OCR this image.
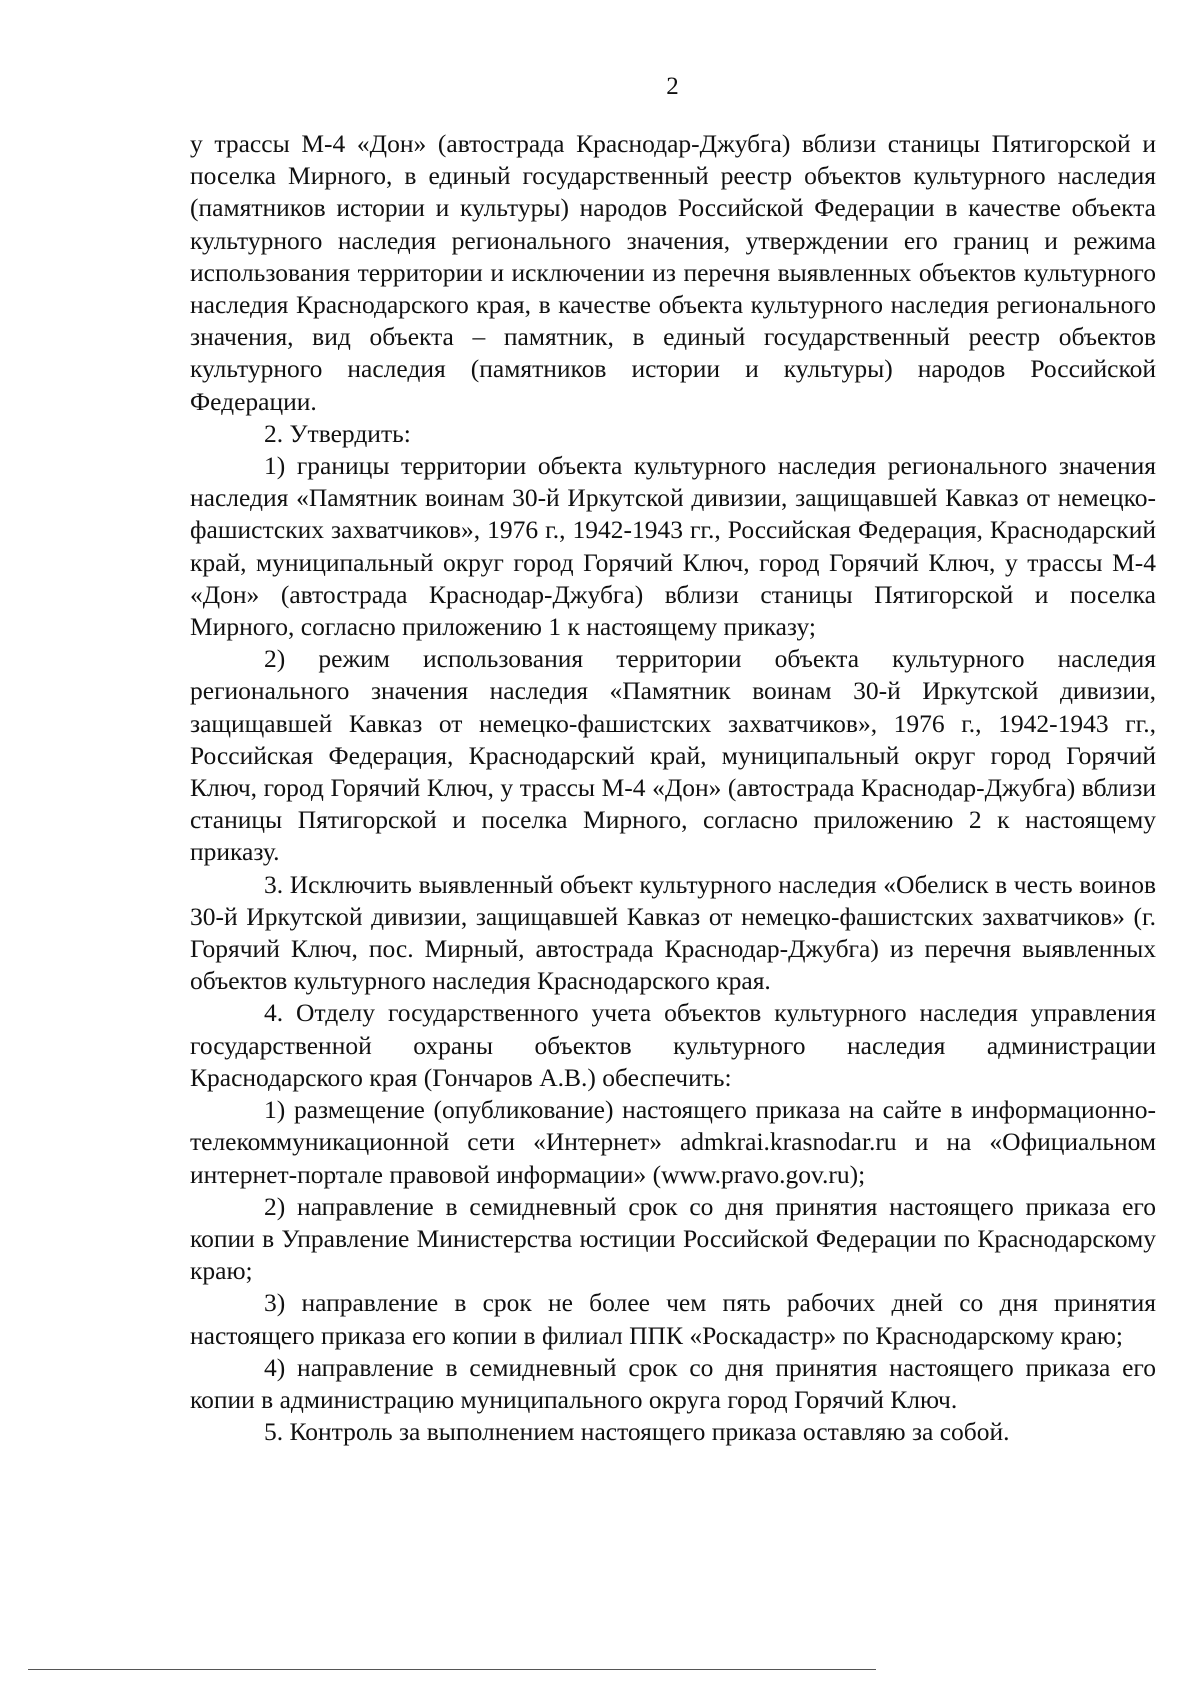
2

у трассы М-4 «Дон» (автострада Краснодар-Джубга) вблизи станицы Пятигорской и поселка Мирного, в единый государственный реестр объектов культурного наследия (памятников истории и культуры) народов Российской Федерации в качестве объекта культурного наследия регионального значения, утверждении его границ и режима использования территории и исключении из перечня выявленных объектов культурного наследия Краснодарского края, в качестве объекта культурного наследия регионального значения, вид объекта – памятник, в единый государственный реестр объектов культурного наследия (памятников истории и культуры) народов Российской Федерации.

2. Утвердить:

1) границы территории объекта культурного наследия регионального значения наследия «Памятник воинам 30-й Иркутской дивизии, защищавшей Кавказ от немецко-фашистских захватчиков», 1976 г., 1942-1943 гг., Российская Федерация, Краснодарский край, муниципальный округ город Горячий Ключ, город Горячий Ключ, у трассы М-4 «Дон» (автострада Краснодар-Джубга) вблизи станицы Пятигорской и поселка Мирного, согласно приложению 1 к настоящему приказу;

2) режим использования территории объекта культурного наследия регионального значения наследия «Памятник воинам 30-й Иркутской дивизии, защищавшей Кавказ от немецко-фашистских захватчиков», 1976 г., 1942-1943 гг., Российская Федерация, Краснодарский край, муниципальный округ город Горячий Ключ, город Горячий Ключ, у трассы М-4 «Дон» (автострада Краснодар-Джубга) вблизи станицы Пятигорской и поселка Мирного, согласно приложению 2 к настоящему приказу.

3. Исключить выявленный объект культурного наследия «Обелиск в честь воинов 30-й Иркутской дивизии, защищавшей Кавказ от немецко-фашистских захватчиков» (г. Горячий Ключ, пос. Мирный, автострада Краснодар-Джубга) из перечня выявленных объектов культурного наследия Краснодарского края.

4. Отделу государственного учета объектов культурного наследия управления государственной охраны объектов культурного наследия администрации Краснодарского края (Гончаров А.В.) обеспечить:

1) размещение (опубликование) настоящего приказа на сайте в информационно-телекоммуникационной сети «Интернет» admkrai.krasnodar.ru и на «Официальном интернет-портале правовой информации» (www.pravo.gov.ru);

2) направление в семидневный срок со дня принятия настоящего приказа его копии в Управление Министерства юстиции Российской Федерации по Краснодарскому краю;

3) направление в срок не более чем пять рабочих дней со дня принятия настоящего приказа его копии в филиал ППК «Роскадастр» по Краснодарскому краю;

4) направление в семидневный срок со дня принятия настоящего приказа его копии в администрацию муниципального округа город Горячий Ключ.

5. Контроль за выполнением настоящего приказа оставляю за собой.
